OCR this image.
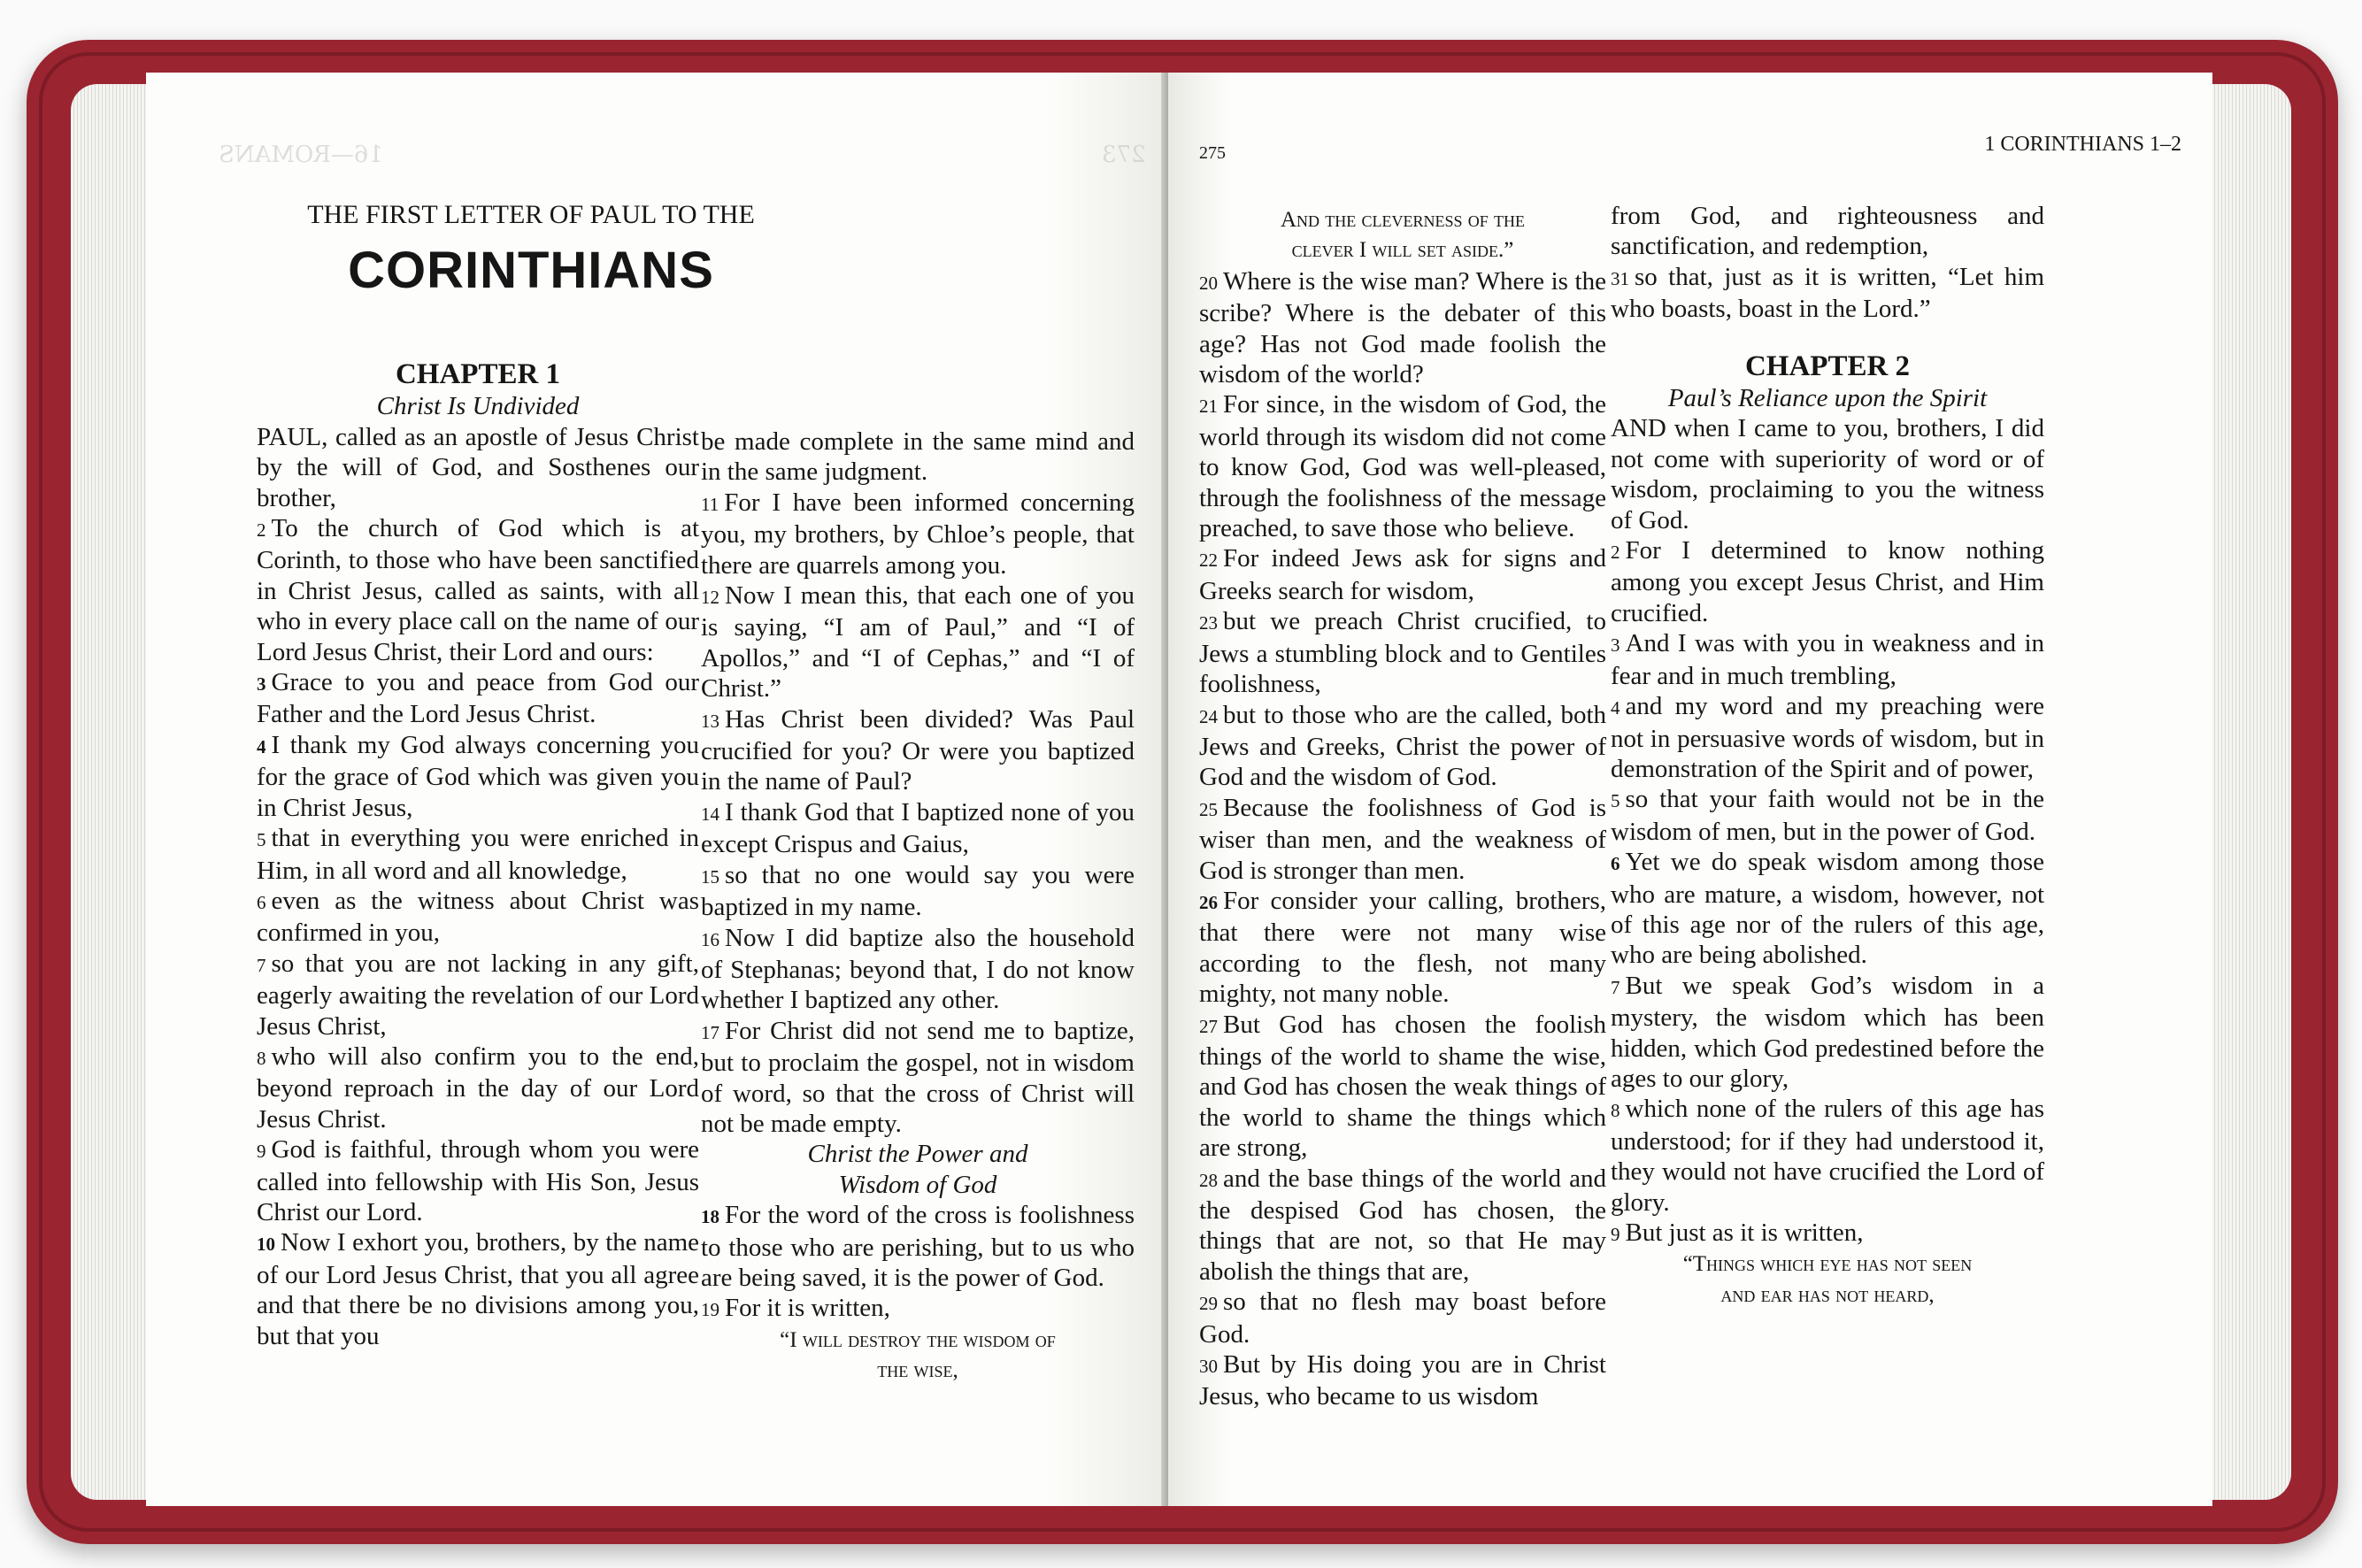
16—ROMANS	273
THE FIRST LETTER OF PAUL TO THE
CORINTHIANS
CHAPTER 1
Christ Is Undivided

PAUL, called as an apostle of Jesus Christ by the will of God, and Sosthenes our brother,

2 To the church of God which is at Corinth, to those who have been sanctified in Christ Jesus, called as saints, with all who in every place call on the name of our Lord Jesus Christ, their Lord and ours:

3 Grace to you and peace from God our Father and the Lord Jesus Christ.

4 I thank my God always concerning you for the grace of God which was given you in Christ Jesus,

5 that in everything you were enriched in Him, in all word and all knowledge,

6 even as the witness about Christ was confirmed in you,

7 so that you are not lacking in any gift, eagerly awaiting the revelation of our Lord Jesus Christ,

8 who will also confirm you to the end, beyond reproach in the day of our Lord Jesus Christ.

9 God is faithful, through whom you were called into fellowship with His Son, Jesus Christ our Lord.

10 Now I exhort you, brothers, by the name of our Lord Jesus Christ, that you all agree and that there be no divisions among you, but that you

be made complete in the same mind and in the same judgment.

11 For I have been informed concerning you, my brothers, by Chloe’s people, that there are quarrels among you.

12 Now I mean this, that each one of you is saying, “I am of Paul,” and “I of Apollos,” and “I of Cephas,” and “I of Christ.”

13 Has Christ been divided? Was Paul crucified for you? Or were you baptized in the name of Paul?

14 I thank God that I baptized none of you except Crispus and Gaius,

15 so that no one would say you were baptized in my name.

16 Now I did baptize also the household of Stephanas; beyond that, I do not know whether I baptized any other.

17 For Christ did not send me to baptize, but to proclaim the gospel, not in wisdom of word, so that the cross of Christ will not be made empty.

Christ the Power and
Wisdom of God

18 For the word of the cross is foolishness to those who are perishing, but to us who are being saved, it is the power of God.

19 For it is written,

“I will destroy the wisdom of
the wise,
275	1 CORINTHIANS 1–2
And the cleverness of the
clever I will set aside.”

20 Where is the wise man? Where is the scribe? Where is the debater of this age? Has not God made foolish the wisdom of the world?

21 For since, in the wisdom of God, the world through its wisdom did not come to know God, God was well-pleased, through the foolishness of the message preached, to save those who believe.

22 For indeed Jews ask for signs and Greeks search for wisdom,

23 but we preach Christ crucified, to Jews a stumbling block and to Gentiles foolishness,

24 but to those who are the called, both Jews and Greeks, Christ the power of God and the wisdom of God.

25 Because the foolishness of God is wiser than men, and the weakness of God is stronger than men.

26 For consider your calling, brothers, that there were not many wise according to the flesh, not many mighty, not many noble.

27 But God has chosen the foolish things of the world to shame the wise, and God has chosen the weak things of the world to shame the things which are strong,

28 and the base things of the world and the despised God has chosen, the things that are not, so that He may abolish the things that are,

29 so that no flesh may boast before God.

30 But by His doing you are in Christ Jesus, who became to us wisdom

from God, and righteousness and sanctification, and redemption,

31 so that, just as it is written, “Let him who boasts, boast in the Lord.”

CHAPTER 2
Paul’s Reliance upon the Spirit

AND when I came to you, brothers, I did not come with superiority of word or of wisdom, proclaiming to you the witness of God.

2 For I determined to know nothing among you except Jesus Christ, and Him crucified.

3 And I was with you in weakness and in fear and in much trembling,

4 and my word and my preaching were not in persuasive words of wisdom, but in demonstration of the Spirit and of power,

5 so that your faith would not be in the wisdom of men, but in the power of God.

6 Yet we do speak wisdom among those who are mature, a wisdom, however, not of this age nor of the rulers of this age, who are being abolished.

7 But we speak God’s wisdom in a mystery, the wisdom which has been hidden, which God predestined before the ages to our glory,

8 which none of the rulers of this age has understood; for if they had understood it, they would not have crucified the Lord of glory.

9 But just as it is written,

“Things which eye has not seen
and ear has not heard,
